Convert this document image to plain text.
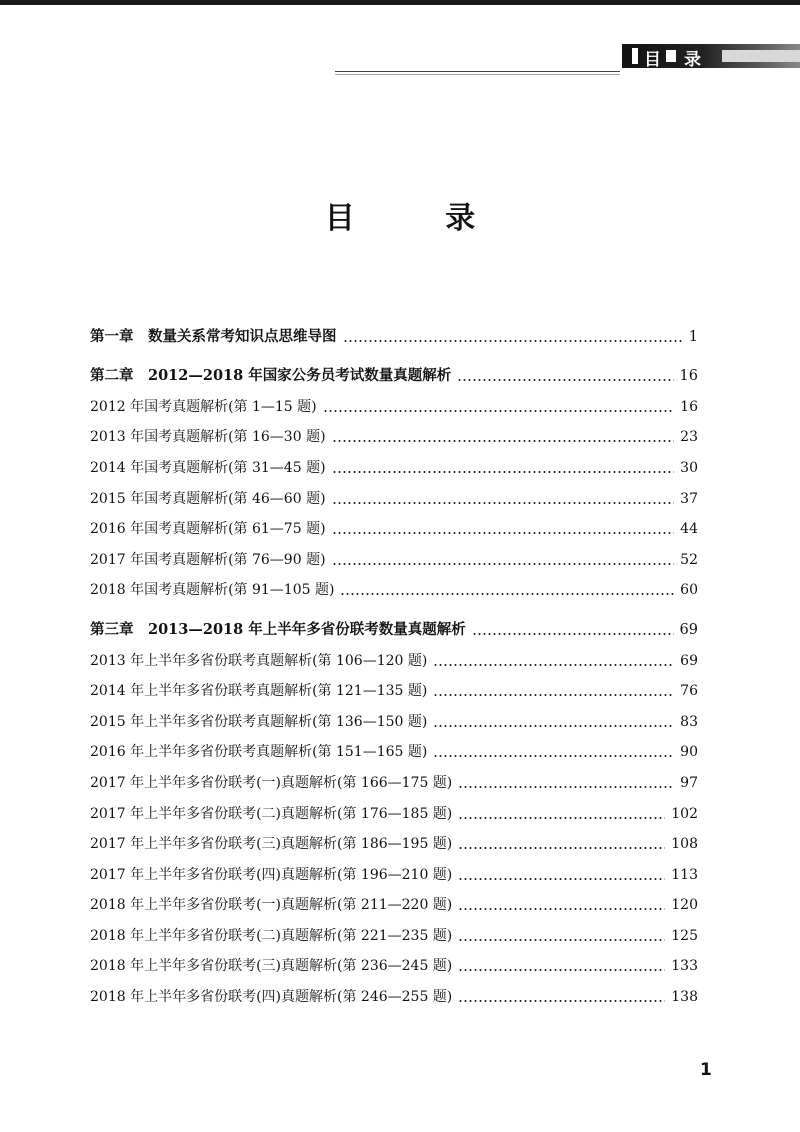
目 录
目 录
第一章　数量关系常考知识点思维导图	1
第二章　2012—2018 年国家公务员考试数量真题解析	16
2012 年国考真题解析(第 1—15 题)	16
2013 年国考真题解析(第 16—30 题)	23
2014 年国考真题解析(第 31—45 题)	30
2015 年国考真题解析(第 46—60 题)	37
2016 年国考真题解析(第 61—75 题)	44
2017 年国考真题解析(第 76—90 题)	52
2018 年国考真题解析(第 91—105 题)	60
第三章　2013—2018 年上半年多省份联考数量真题解析	69
2013 年上半年多省份联考真题解析(第 106—120 题)	69
2014 年上半年多省份联考真题解析(第 121—135 题)	76
2015 年上半年多省份联考真题解析(第 136—150 题)	83
2016 年上半年多省份联考真题解析(第 151—165 题)	90
2017 年上半年多省份联考(一)真题解析(第 166—175 题)	97
2017 年上半年多省份联考(二)真题解析(第 176—185 题)	102
2017 年上半年多省份联考(三)真题解析(第 186—195 题)	108
2017 年上半年多省份联考(四)真题解析(第 196—210 题)	113
2018 年上半年多省份联考(一)真题解析(第 211—220 题)	120
2018 年上半年多省份联考(二)真题解析(第 221—235 题)	125
2018 年上半年多省份联考(三)真题解析(第 236—245 题)	133
2018 年上半年多省份联考(四)真题解析(第 246—255 题)	138
1
